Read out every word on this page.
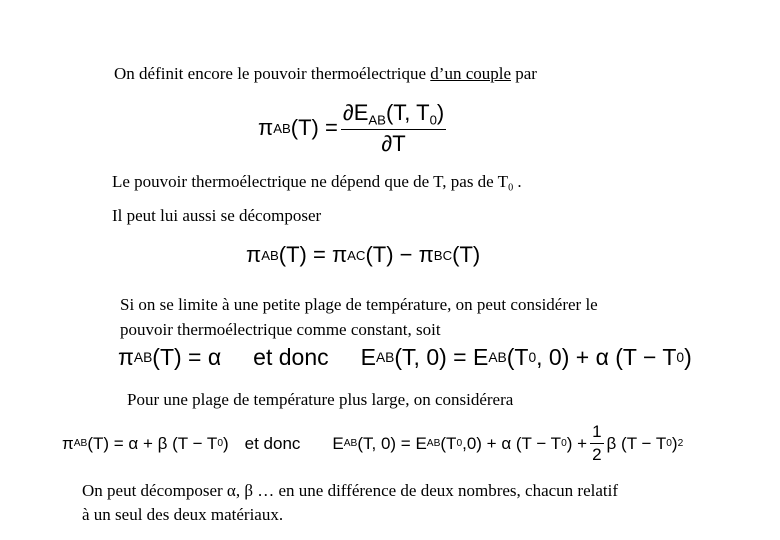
On définit encore le pouvoir thermoélectrique d’un couple par
π AB $(T) = \frac{\partial E_{AB}(T, T_0)}{\partial T}$
Le pouvoir thermoélectrique ne dépend que de T, pas de $T_0$ .
Il peut lui aussi se décomposer
π AB (T) = π AC (T) − π BC (T)
Si on se limite à une petite plage de température, on peut considérer le
pouvoir thermoélectrique comme constant, soit
π AB (T) = α et donc E AB (T, 0) = E AB (T 0 , 0) + α (T − T 0 )
Pour une plage de température plus large, on considérera
π AB (T) = α + β (T − T 0 ) et donc E AB (T, 0) = E AB (T 0 ,0) + α (T − T 0 ) + $\frac{1}{2}$ β (T − T 0 ) 2
On peut décomposer α, β … en une différence de deux nombres, chacun relatif
à un seul des deux matériaux.
